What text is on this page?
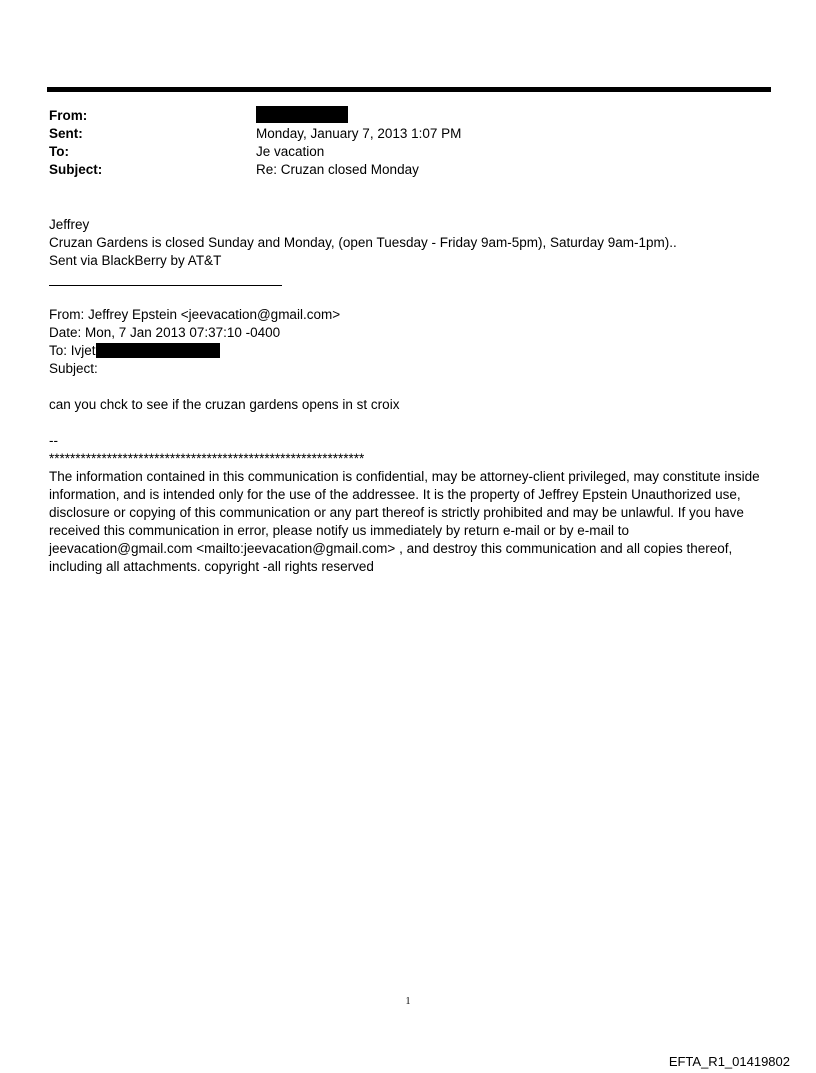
From:
Sent:	Monday, January 7, 2013 1:07 PM
To:	Je vacation
Subject:	Re: Cruzan closed Monday
Jeffrey
Cruzan Gardens is closed Sunday and Monday, (open Tuesday - Friday 9am-5pm), Saturday 9am-1pm)..
Sent via BlackBerry by AT&T
From: Jeffrey Epstein <jeevacation@gmail.com>
Date: Mon, 7 Jan 2013 07:37:10 -0400
To: Ivjet
Subject:
can you chck to see if the cruzan gardens opens in st croix
--
************************************************************
The information contained in this communication is confidential, may be attorney-client privileged, may constitute inside information, and is intended only for the use of the addressee. It is the property of Jeffrey Epstein Unauthorized use, disclosure or copying of this communication or any part thereof is strictly prohibited and may be unlawful. If you have received this communication in error, please notify us immediately by return e-mail or by e-mail to jeevacation@gmail.com <mailto:jeevacation@gmail.com> , and destroy this communication and all copies thereof, including all attachments. copyright -all rights reserved
1
EFTA_R1_01419802
